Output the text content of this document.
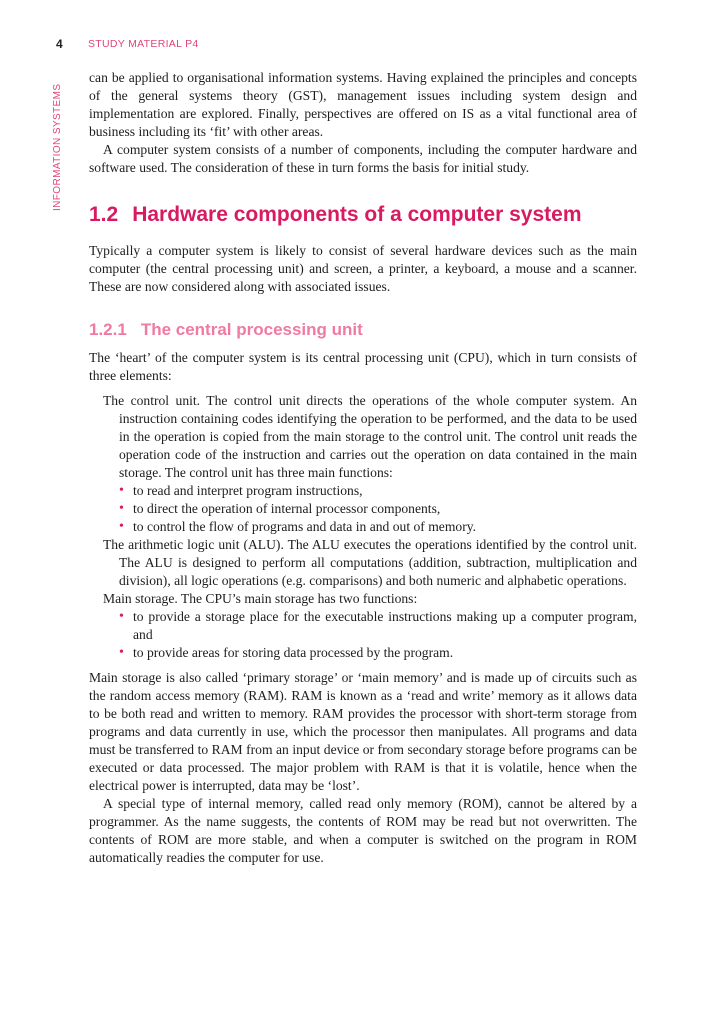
4 STUDY MATERIAL P4
INFORMATION SYSTEMS

can be applied to organisational information systems. Having explained the principles and concepts of the general systems theory (GST), management issues including system design and implementation are explored. Finally, perspectives are offered on IS as a vital functional area of business including its ‘fit’ with other areas.

A computer system consists of a number of components, including the computer hardware and software used. The consideration of these in turn forms the basis for initial study.

1.2 Hardware components of a computer system

Typically a computer system is likely to consist of several hardware devices such as the main computer (the central processing unit) and screen, a printer, a keyboard, a mouse and a scanner. These are now considered along with associated issues.

1.2.1 The central processing unit

The ‘heart’ of the computer system is its central processing unit (CPU), which in turn consists of three elements:

The control unit. The control unit directs the operations of the whole computer system. An instruction containing codes identifying the operation to be performed, and the data to be used in the operation is copied from the main storage to the control unit. The control unit reads the operation code of the instruction and carries out the operation on data contained in the main storage. The control unit has three main functions:

• to read and interpret program instructions,
• to direct the operation of internal processor components,
• to control the flow of programs and data in and out of memory.

The arithmetic logic unit (ALU). The ALU executes the operations identified by the control unit. The ALU is designed to perform all computations (addition, subtraction, multiplication and division), all logic operations (e.g. comparisons) and both numeric and alphabetic operations.

Main storage. The CPU’s main storage has two functions:

• to provide a storage place for the executable instructions making up a computer program, and
• to provide areas for storing data processed by the program.

Main storage is also called ‘primary storage’ or ‘main memory’ and is made up of circuits such as the random access memory (RAM). RAM is known as a ‘read and write’ memory as it allows data to be both read and written to memory. RAM provides the processor with short-term storage from programs and data currently in use, which the processor then manipulates. All programs and data must be transferred to RAM from an input device or from secondary storage before programs can be executed or data processed. The major problem with RAM is that it is volatile, hence when the electrical power is interrupted, data may be ‘lost’.

A special type of internal memory, called read only memory (ROM), cannot be altered by a programmer. As the name suggests, the contents of ROM may be read but not overwritten. The contents of ROM are more stable, and when a computer is switched on the program in ROM automatically readies the computer for use.
